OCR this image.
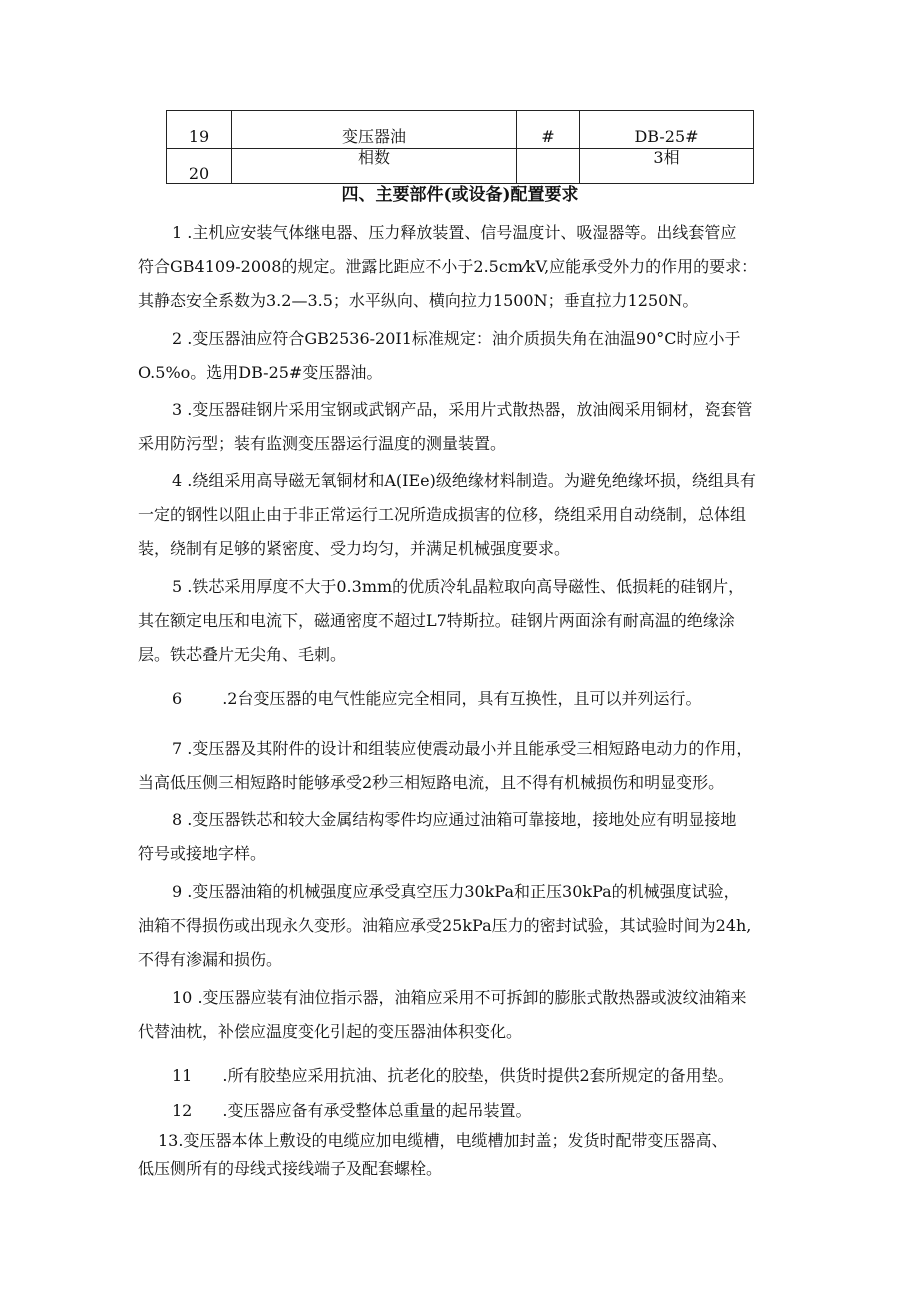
19	变压器油	#	DB-25#
20	相数		3相
四、主要部件(或设备)配置要求
1 .主机应安装气体继电器、压力释放装置、信号温度计、吸湿器等。出线套管应
符合GB4109-2008的规定。泄露比距应不小于2.5cm⁄kV,应能承受外力的作用的要求：
其静态安全系数为3.2—3.5；水平纵向、横向拉力1500N；垂直拉力1250N。
2 .变压器油应符合GB2536-20I1标准规定：油介质损失角在油温90°C时应小于
O.5%o。选用DB-25#变压器油。
3 .变压器硅钢片采用宝钢或武钢产品，采用片式散热器，放油阀采用铜材，瓷套管
采用防污型；装有监测变压器运行温度的测量装置。
4 .绕组采用高导磁无氧铜材和A(IEe)级绝缘材料制造。为避免绝缘坏损，绕组具有
一定的钢性以阻止由于非正常运行工况所造成损害的位移，绕组采用自动绕制，总体组
装，绕制有足够的紧密度、受力均匀，并满足机械强度要求。
5 .铁芯采用厚度不大于0.3mm的优质冷轧晶粒取向高导磁性、低损耗的硅钢片，
其在额定电压和电流下，磁通密度不超过L7特斯拉。硅钢片两面涂有耐高温的绝缘涂
层。铁芯叠片无尖角、毛刺。
6	.2台变压器的电气性能应完全相同，具有互换性，且可以并列运行。
7 .变压器及其附件的设计和组装应使震动最小并且能承受三相短路电动力的作用，
当高低压侧三相短路时能够承受2秒三相短路电流，且不得有机械损伤和明显变形。
8 .变压器铁芯和较大金属结构零件均应通过油箱可靠接地，接地处应有明显接地
符号或接地字样。
9 .变压器油箱的机械强度应承受真空压力30kPa和正压30kPa的机械强度试验，
油箱不得损伤或出现永久变形。油箱应承受25kPa压力的密封试验，其试验时间为24h,
不得有渗漏和损伤。
10 .变压器应装有油位指示器，油箱应采用不可拆卸的膨胀式散热器或波纹油箱来
代替油枕，补偿应温度变化引起的变压器油体积变化。
11 .所有胶垫应采用抗油、抗老化的胶垫，供货时提供2套所规定的备用垫。
12 .变压器应备有承受整体总重量的起吊装置。
13.变压器本体上敷设的电缆应加电缆槽，电缆槽加封盖；发货时配带变压器高、
低压侧所有的母线式接线端子及配套螺栓。
